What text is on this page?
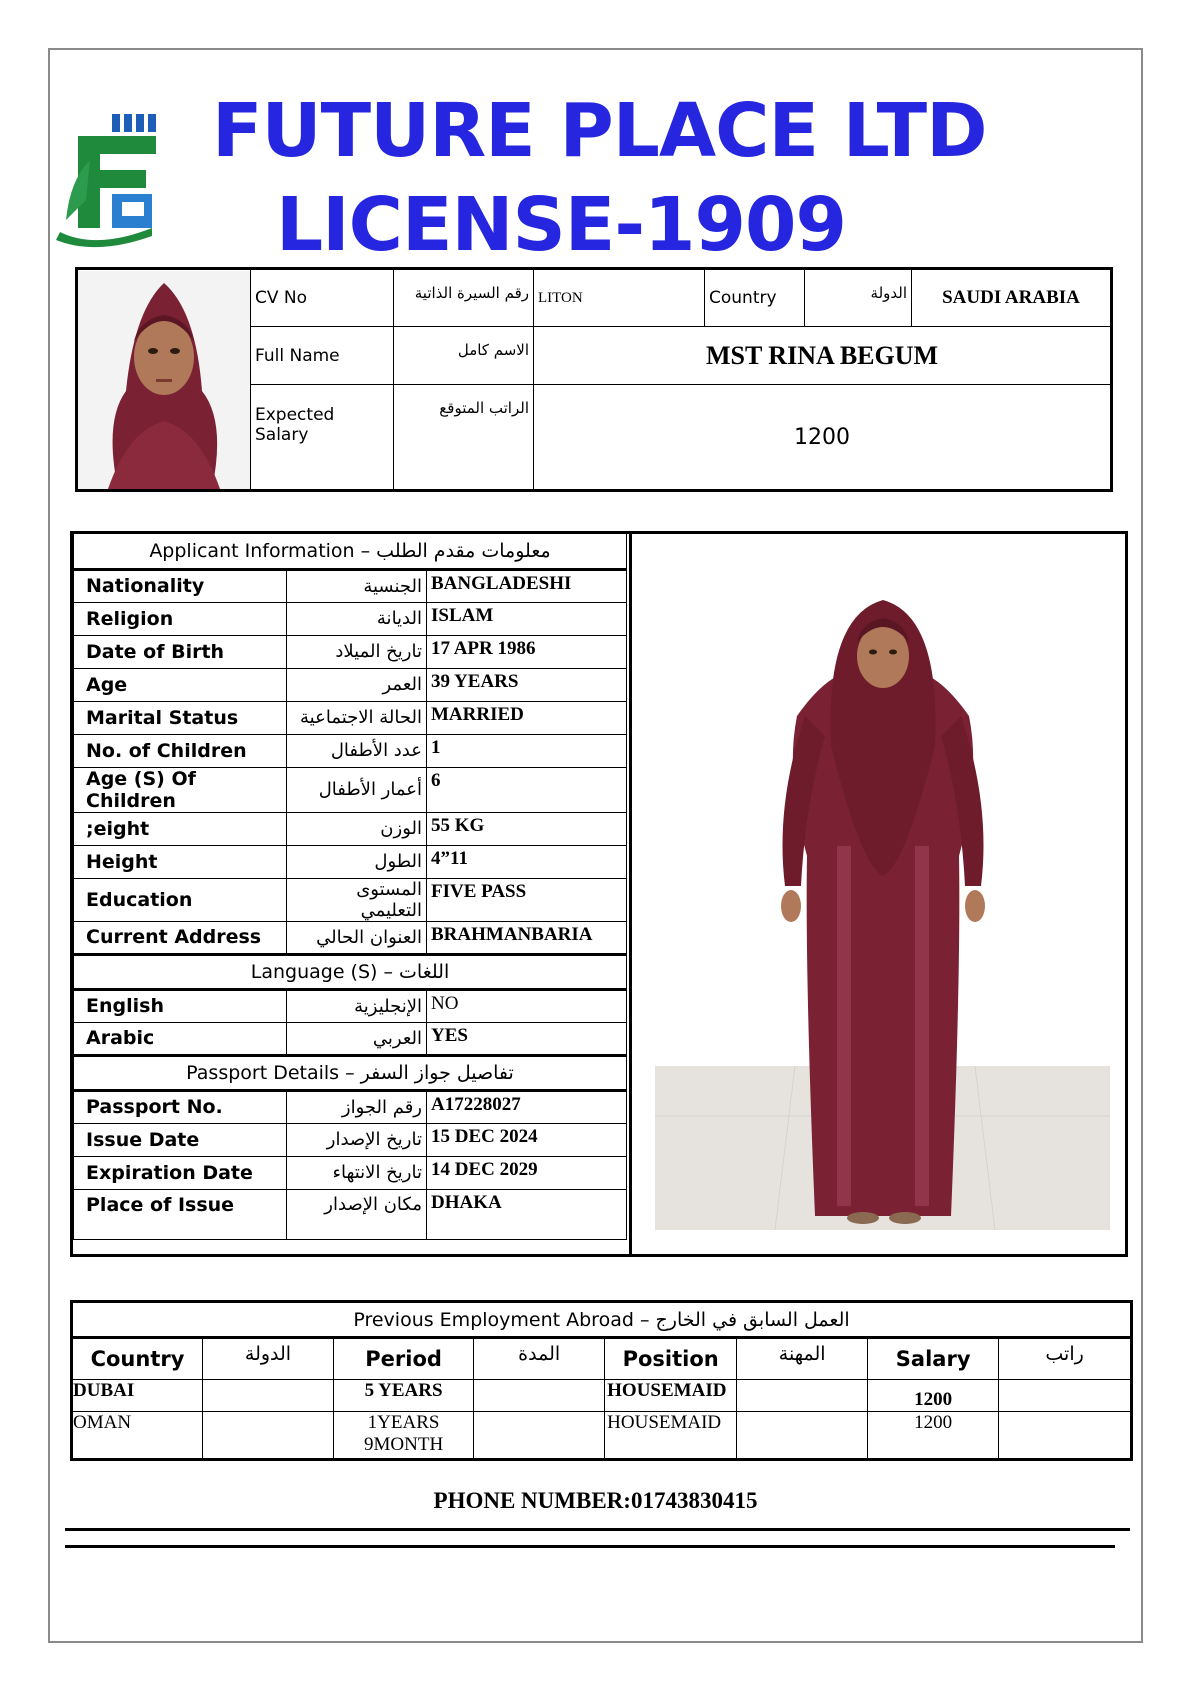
FUTURE PLACE LTD
LICENSE-1909
	CV No	رقم السيرة الذاتية	LITON	Country	الدولة	SAUDI ARABIA
	Full Name	الاسم كامل	MST RINA BEGUM			
	Expected Salary	الراتب المتوقع	1200			
Applicant Information – معلومات مقدم الطلب		
Nationality	الجنسية	BANGLADESHI
Religion	الديانة	ISLAM
Date of Birth	تاريخ الميلاد	17 APR 1986
Age	العمر	39 YEARS
Marital Status	الحالة الاجتماعية	MARRIED
No. of Children	عدد الأطفال	1
Age (S) Of Children	أعمار الأطفال	6
;eight	الوزن	55 KG
Height	الطول	4”11
Education	المستوى التعليمي	FIVE PASS
Current Address	العنوان الحالي	BRAHMANBARIA
Language (S) – اللغات		
English	الإنجليزية	NO
Arabic	العربي	YES
Passport Details – تفاصيل جواز السفر		
Passport No.	رقم الجواز	A17228027
Issue Date	تاريخ الإصدار	15 DEC 2024
Expiration Date	تاريخ الانتهاء	14 DEC 2029
Place of Issue	مكان الإصدار	DHAKA
Previous Employment Abroad – العمل السابق في الخارج							
Country	الدولة	Period	المدة	Position	المهنة	Salary	راتب
DUBAI		5 YEARS		HOUSEMAID		1200	
OMAN		1YEARS 9MONTH		HOUSEMAID		1200	
PHONE NUMBER:01743830415
